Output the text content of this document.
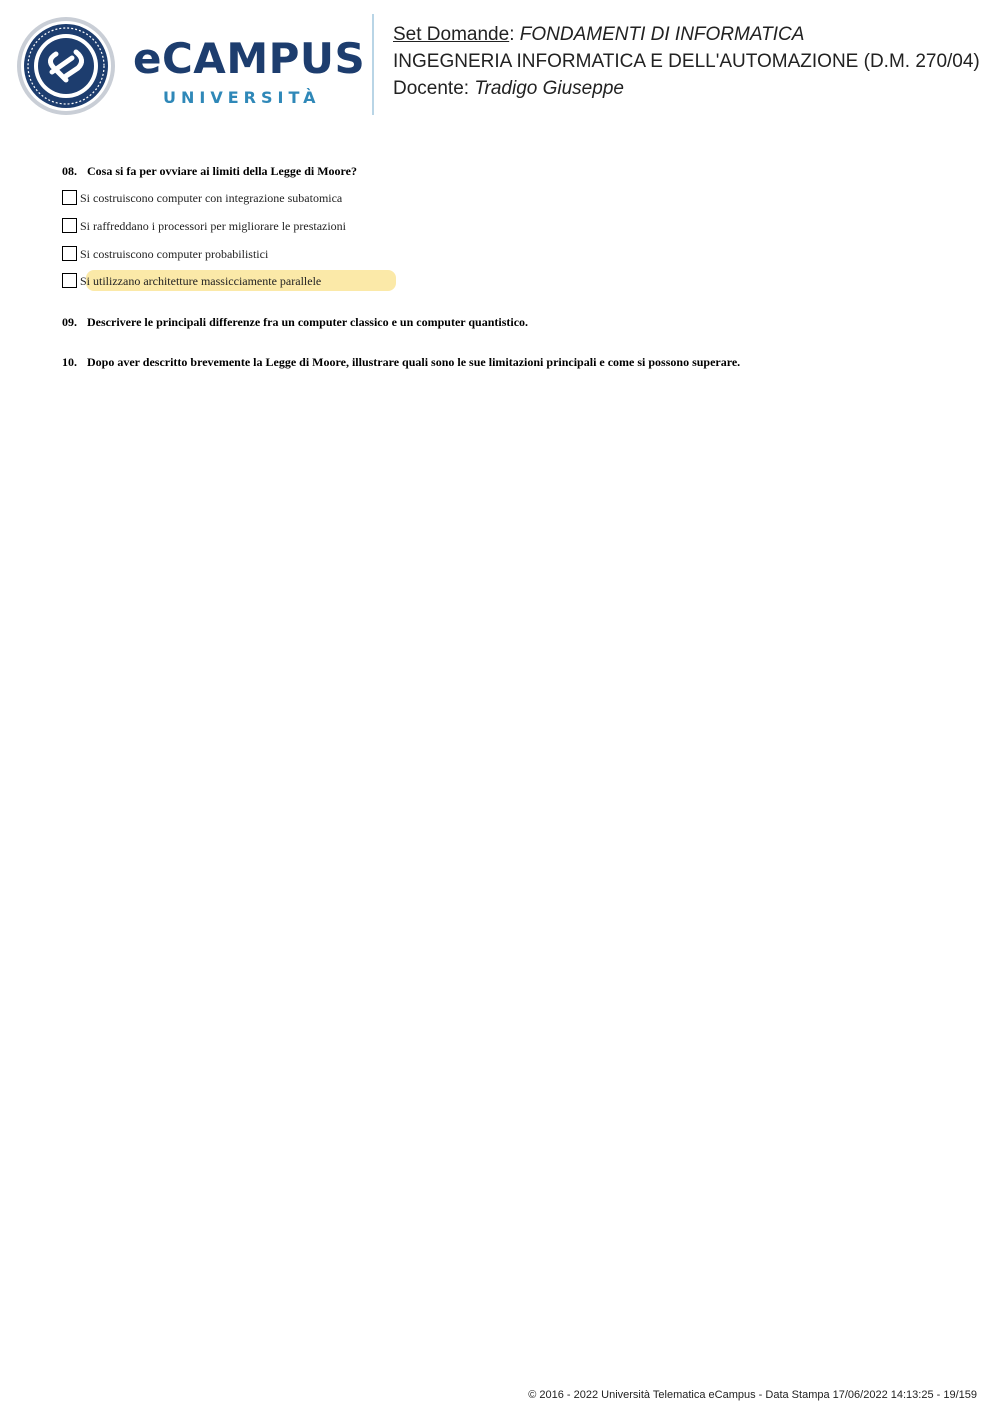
eCAMPUS
UNIVERSITÀ
Set Domande: FONDAMENTI DI INFORMATICA
INGEGNERIA INFORMATICA E DELL'AUTOMAZIONE (D.M. 270/04)
Docente: Tradigo Giuseppe
08. Cosa si fa per ovviare ai limiti della Legge di Moore?
Si costruiscono computer con integrazione subatomica
Si raffreddano i processori per migliorare le prestazioni
Si costruiscono computer probabilistici
Si utilizzano architetture massicciamente parallele
09. Descrivere le principali differenze fra un computer classico e un computer quantistico.
10. Dopo aver descritto brevemente la Legge di Moore, illustrare quali sono le sue limitazioni principali e come si possono superare.
© 2016 - 2022 Università Telematica eCampus - Data Stampa 17/06/2022 14:13:25 - 19/159
